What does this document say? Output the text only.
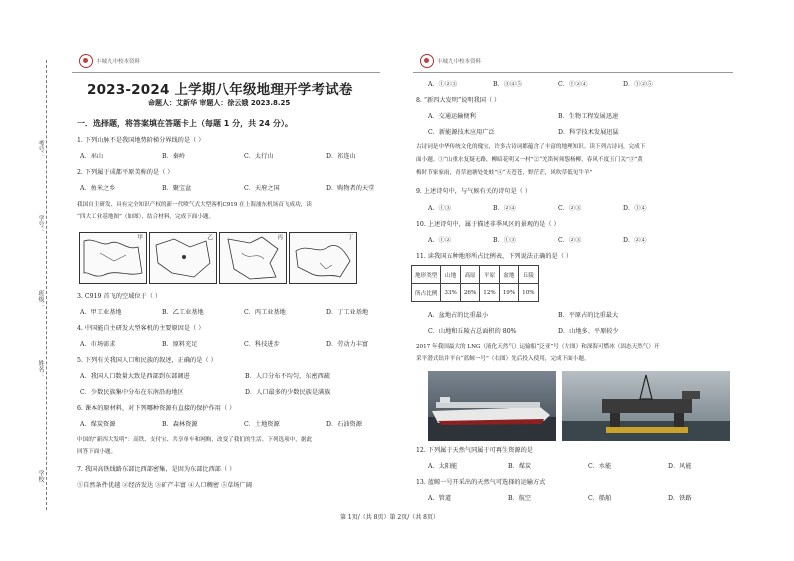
丰城九中校本资料
考号：
学号：
班级：
姓名：
学校：
2023-2024 上学期八年级地理开学考试卷
命题人：艾新华 审题人：徐云娥 2023.8.25
一．选择题，将答案填在答题卡上（每题 1 分，共 24 分）。
1. 下列山脉不是我国地势阶梯分界线的是（ ）
A．巫山	B．秦岭	C．太行山	D．祁连山
2. 下列属于成都平原美称的是（ ）
A．鱼米之乡	B．聚宝盆	C．天府之国	D．购物者的天堂
我国自主研发、具有完全知识产权的新一代喷气式大型客机C919 在上海浦东机场首飞成功，读
“四大工业基地图”（如图），结合材料，完成下面小题。
甲	乙	丙	丁
3. C919 首飞的空域位于（ ）
A．甲工业基地	B．乙工业基地	C．丙工业基地	D．丁工业基地
4. 中国能自主研发大型客机的主要原因是（ ）
A．市场需求	B．原料充足	C．科技进步	D．劳动力丰富
5. 下列有关我国人口和民族的叙述，正确的是（ ）
A．我国人口数量大致是西部到东部调进	B．人口分布不均匀，东密西疏
C．少数民族集中分布在东南沿海地区	D．人口最多的少数民族是满族
6. 课本的原材料，对下列哪种资源有直接的保护作用（ ）
A．煤炭资源	B．森林资源	C．土地资源	D．石油资源
中国的“新四大发明”：高铁、支付宝、共享单车和网购，改变了我们的生活。下列选项中，据此
回答下面小题。
7. 我国高铁线路东部比西部密集，是因为东部比西部（ ）
①自然条件优越 ②经济发达 ③矿产丰富 ④人口稠密 ⑤草场广阔
丰城九中校本资料
A．①②③	B．③④⑤	C．①②④	D．①②⑤
8. “新四大发明”说明我国（ ）
A．交通运输便利	B．生物工程发展迅速
C．新能源技术应用广泛	D．科学技术发展迅猛
古诗词是中华传统文化的瑰宝，许多古诗词都蕴含了丰富的地理知识。读下列古诗词，完成下
面小题。①“山重水复疑无路，柳暗花明又一村”②“羌笛何须怨杨柳，春风不度玉门关”③“黄
梅时节家家雨，青草池塘处处蛙”④“天苍苍，野茫茫，风吹草低见牛羊”
9. 上述诗句中，与气候有关的诗句是（ ）
A．①③	B．②④	C．②③	D．①④
10. 上述诗句中，属于描述非季风区的景观的是（ ）
A．①②	B．①③	C．②③	D．②④
11. 读我国五种地形所占比例表，下列说法正确的是（ ）
地形类型	山地	高原	平原	盆地	丘陵
所占比例	33%	26%	12%	19%	10%
A．盆地占的比重最小	B．平原占的比重最大
C．山地和丘陵占总面积的 80%	D．山地多、平原较少
2017 年我国最大的 LNG（液化天然气）运输船“泛亚”号（左图）和深海可燃冰（固态天然气）开
采平潜式钻井平台“蓝鲸一号”（右图）先后投入使用，完成下面小题。
12. 下列属于天然气同属于可再生资源的是
A．太阳能	B．煤炭	C．水能	D．风能
13. 蓝鲸一号开采出的天然气可选择的运输方式
A．管道	B．航空	C．船舶	D．铁路
第 1页/（共 8页）第 2页/（共 8页）
